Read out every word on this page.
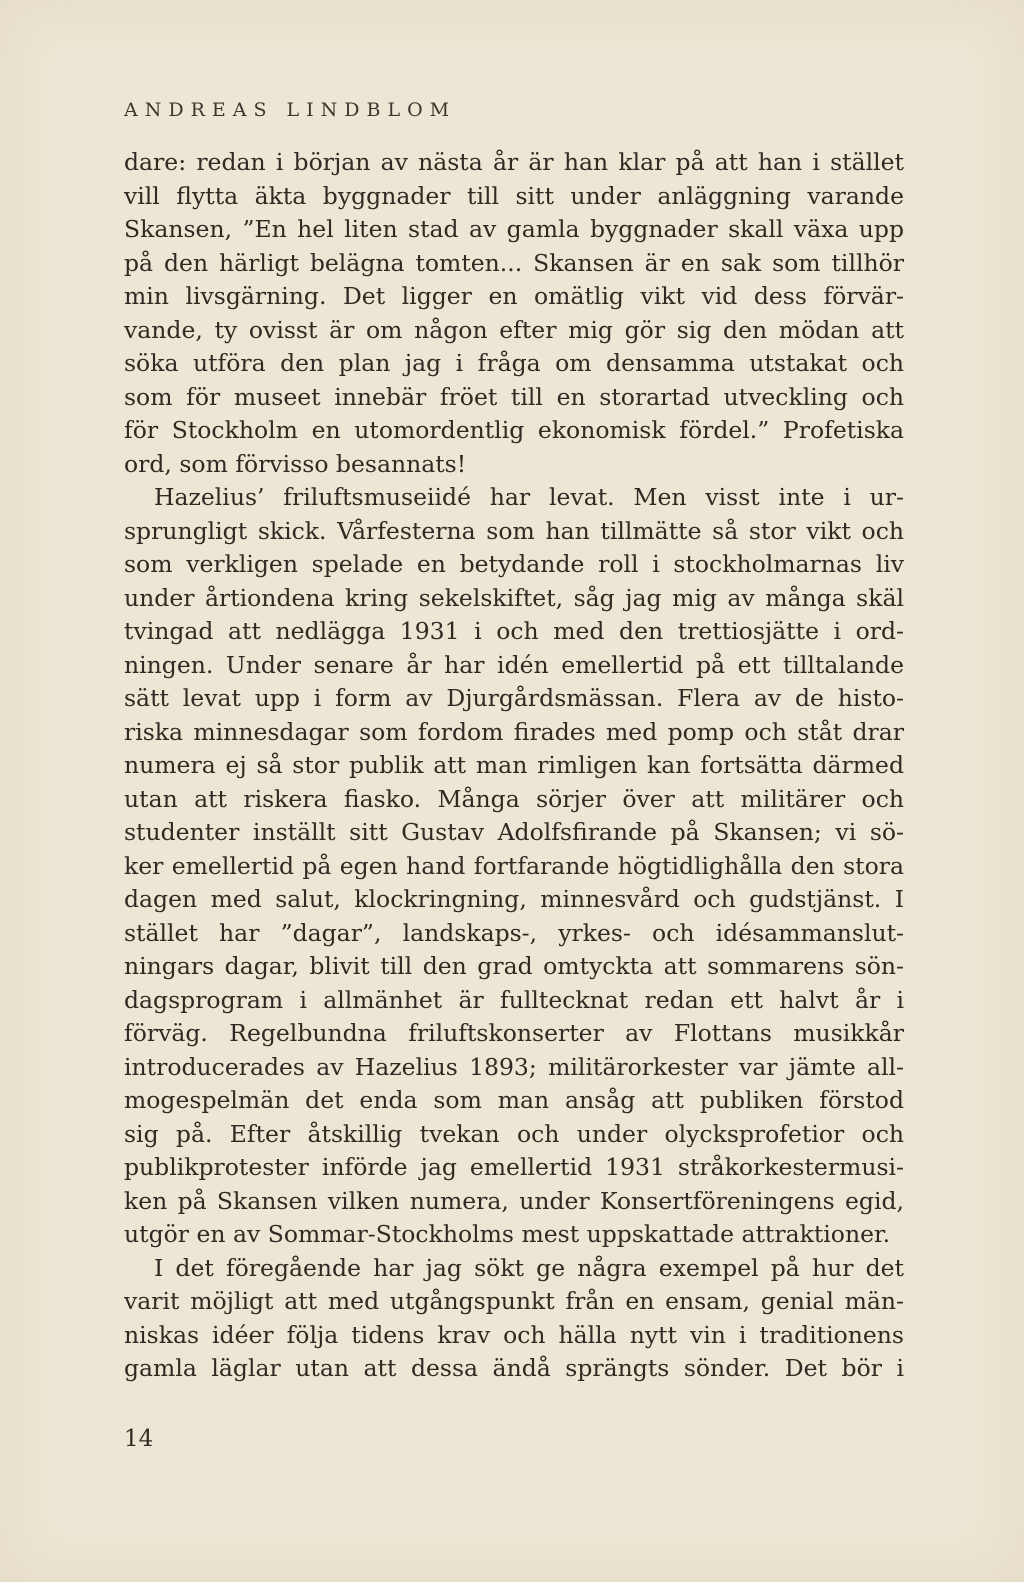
ANDREAS LINDBLOM
dare: redan i början av nästa år är han klar på att han i stället
vill flytta äkta byggnader till sitt under anläggning varande
Skansen, ”En hel liten stad av gamla byggnader skall växa upp
på den härligt belägna tomten... Skansen är en sak som tillhör
min livsgärning. Det ligger en omätlig vikt vid dess förvär-
vande, ty ovisst är om någon efter mig gör sig den mödan att
söka utföra den plan jag i fråga om densamma utstakat och
som för museet innebär fröet till en storartad utveckling och
för Stockholm en utomordentlig ekonomisk fördel.” Profetiska
ord, som förvisso besannats!
Hazelius’ friluftsmuseiidé har levat. Men visst inte i ur-
sprungligt skick. Vårfesterna som han tillmätte så stor vikt och
som verkligen spelade en betydande roll i stockholmarnas liv
under årtiondena kring sekelskiftet, såg jag mig av många skäl
tvingad att nedlägga 1931 i och med den trettiosjätte i ord-
ningen. Under senare år har idén emellertid på ett tilltalande
sätt levat upp i form av Djurgårdsmässan. Flera av de histo-
riska minnesdagar som fordom firades med pomp och ståt drar
numera ej så stor publik att man rimligen kan fortsätta därmed
utan att riskera fiasko. Många sörjer över att militärer och
studenter inställt sitt Gustav Adolfsfirande på Skansen; vi sö-
ker emellertid på egen hand fortfarande högtidlighålla den stora
dagen med salut, klockringning, minnesvård och gudstjänst. I
stället har ”dagar”, landskaps-, yrkes- och idésammanslut-
ningars dagar, blivit till den grad omtyckta att sommarens sön-
dagsprogram i allmänhet är fulltecknat redan ett halvt år i
förväg. Regelbundna friluftskonserter av Flottans musikkår
introducerades av Hazelius 1893; militärorkester var jämte all-
mogespelmän det enda som man ansåg att publiken förstod
sig på. Efter åtskillig tvekan och under olycksprofetior och
publikprotester införde jag emellertid 1931 stråkorkestermusi-
ken på Skansen vilken numera, under Konsertföreningens egid,
utgör en av Sommar-Stockholms mest uppskattade attraktioner.
I det föregående har jag sökt ge några exempel på hur det
varit möjligt att med utgångspunkt från en ensam, genial män-
niskas idéer följa tidens krav och hälla nytt vin i traditionens
gamla läglar utan att dessa ändå sprängts sönder. Det bör i
14
